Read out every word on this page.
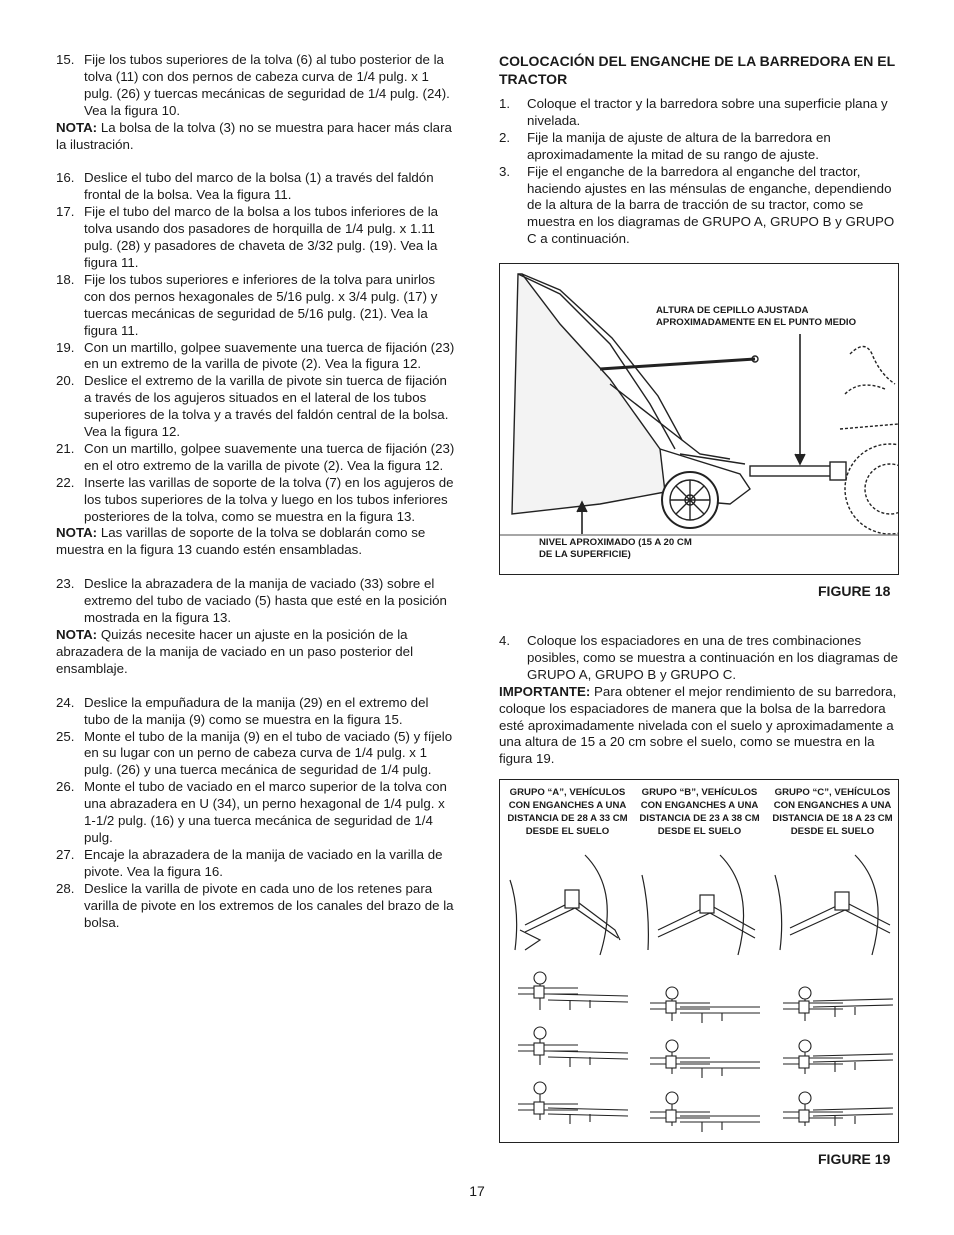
15. Fije los tubos superiores de la tolva (6) al tubo posterior de la tolva (11) con dos pernos de cabeza curva de 1/4 pulg. x 1 pulg. (26) y tuercas mecánicas de seguridad de 1/4 pulg. (24). Vea la figura 10.

NOTA: La bolsa de la tolva (3) no se muestra para hacer más clara la ilustración.

16. Deslice el tubo del marco de la bolsa (1) a través del faldón frontal de la bolsa. Vea la figura 11.
17. Fije el tubo del marco de la bolsa a los tubos inferiores de la tolva usando dos pasadores de horquilla de 1/4 pulg. x 1.11 pulg. (28) y pasadores de chaveta de 3/32 pulg. (19). Vea la figura 11.
18. Fije los tubos superiores e inferiores de la tolva para unirlos con dos pernos hexagonales de 5/16 pulg. x 3/4 pulg. (17) y tuercas mecánicas de seguridad de 5/16 pulg. (21). Vea la figura 11.
19. Con un martillo, golpee suavemente una tuerca de fijación (23) en un extremo de la varilla de pivote (2). Vea la figura 12.
20. Deslice el extremo de la varilla de pivote sin tuerca de fijación a través de los agujeros situados en el lateral de los tubos superiores de la tolva y a través del faldón central de la bolsa. Vea la figura 12.
21. Con un martillo, golpee suavemente una tuerca de fijación (23) en el otro extremo de la varilla de pivote (2). Vea la figura 12.
22. Inserte las varillas de soporte de la tolva (7) en los agujeros de los tubos superiores de la tolva y luego en los tubos inferiores posteriores de la tolva, como se muestra en la figura 13.

NOTA: Las varillas de soporte de la tolva se doblarán como se muestra en la figura 13 cuando estén ensambladas.

23. Deslice la abrazadera de la manija de vaciado (33) sobre el extremo del tubo de vaciado (5) hasta que esté en la posición mostrada en la figura 13.

NOTA: Quizás necesite hacer un ajuste en la posición de la abrazadera de la manija de vaciado en un paso posterior del ensamblaje.

24. Deslice la empuñadura de la manija (29) en el extremo del tubo de la manija (9) como se muestra en la figura 15.
25. Monte el tubo de la manija (9) en el tubo de vaciado (5) y fíjelo en su lugar con un perno de cabeza curva de 1/4 pulg. x 1 pulg. (26) y una tuerca mecánica de seguridad de 1/4 pulg.
26. Monte el tubo de vaciado en el marco superior de la tolva con una abrazadera en U (34), un perno hexagonal de 1/4 pulg. x 1-1/2 pulg. (16) y una tuerca mecánica de seguridad de 1/4 pulg.
27. Encaje la abrazadera de la manija de vaciado en la varilla de pivote. Vea la figura 16.
28. Deslice la varilla de pivote en cada uno de los retenes para varilla de pivote en los extremos de los canales del brazo de la bolsa.
COLOCACIÓN DEL ENGANCHE DE LA BARREDORA EN EL TRACTOR
1.	Coloque el tractor y la barredora sobre una superficie plana y nivelada.
2.	Fije la manija de ajuste de altura de la barredora en aproximadamente la mitad de su rango de ajuste.
3.	Fije el enganche de la barredora al enganche del tractor, haciendo ajustes en las ménsulas de enganche, dependiendo de la altura de la barra de tracción de su tractor, como se muestra en los diagramas de GRUPO A, GRUPO B y GRUPO C a continuación.
ALTURA DE CEPILLO AJUSTADA APROXIMADAMENTE EN EL PUNTO MEDIO
NIVEL APROXIMADO (15 A 20 CM DE LA SUPERFICIE)
FIGURE 18
4.	Coloque los espaciadores en una de tres combinaciones posibles, como se muestra a continuación en los diagramas de GRUPO A, GRUPO B y GRUPO C.

IMPORTANTE: Para obtener el mejor rendimiento de su barredora, coloque los espaciadores de manera que la bolsa de la barredora esté aproximadamente nivelada con el suelo y aproximadamente a una altura de 15 a 20 cm sobre el suelo, como se muestra en la figura 19.

GRUPO “A”, VEHÍCULOS CON ENGANCHES A UNA DISTANCIA DE 28 A 33 CM DESDE EL SUELO
GRUPO “B”, VEHÍCULOS CON ENGANCHES A UNA DISTANCIA DE 23 A 38 CM DESDE EL SUELO
GRUPO “C”, VEHÍCULOS CON ENGANCHES A UNA DISTANCIA DE 18 A 23 CM DESDE EL SUELO
FIGURE 19
17
